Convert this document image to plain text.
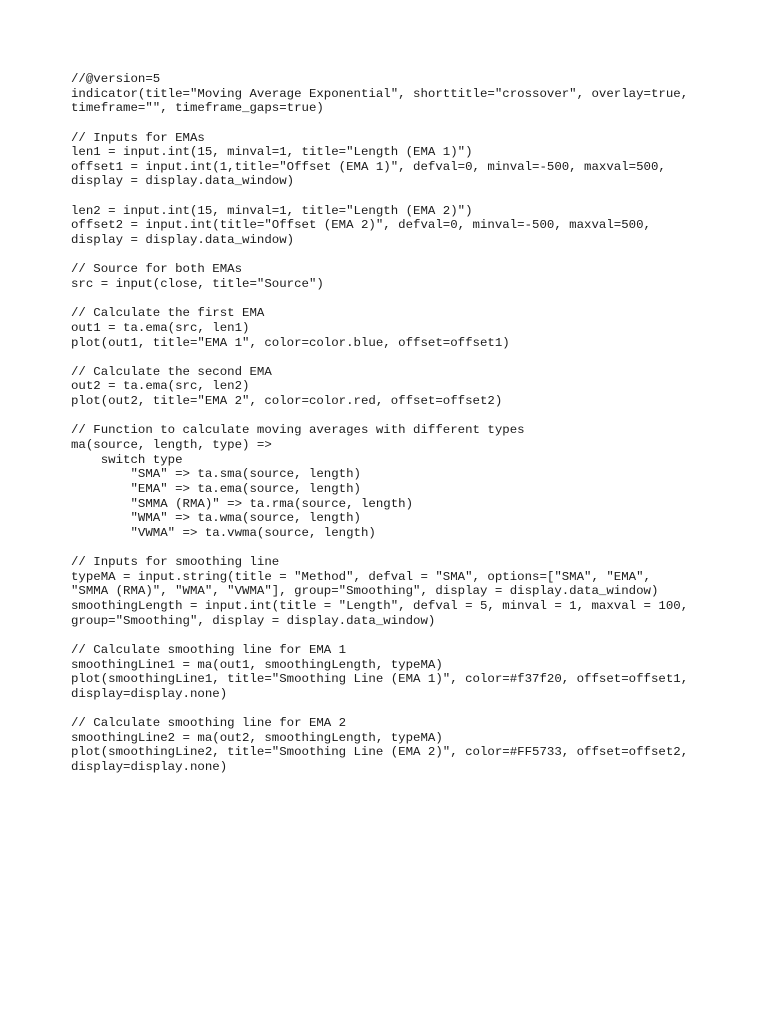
//@version=5
indicator(title="Moving Average Exponential", shorttitle="crossover", overlay=true,
timeframe="", timeframe_gaps=true)
// Inputs for EMAs
len1 = input.int(15, minval=1, title="Length (EMA 1)")
offset1 = input.int(1,title="Offset (EMA 1)", defval=0, minval=-500, maxval=500,
display = display.data_window)
len2 = input.int(15, minval=1, title="Length (EMA 2)")
offset2 = input.int(title="Offset (EMA 2)", defval=0, minval=-500, maxval=500,
display = display.data_window)
// Source for both EMAs
src = input(close, title="Source")
// Calculate the first EMA
out1 = ta.ema(src, len1)
plot(out1, title="EMA 1", color=color.blue, offset=offset1)
// Calculate the second EMA
out2 = ta.ema(src, len2)
plot(out2, title="EMA 2", color=color.red, offset=offset2)
// Function to calculate moving averages with different types
ma(source, length, type) =>
switch type
"SMA" => ta.sma(source, length)
"EMA" => ta.ema(source, length)
"SMMA (RMA)" => ta.rma(source, length)
"WMA" => ta.wma(source, length)
"VWMA" => ta.vwma(source, length)
// Inputs for smoothing line
typeMA = input.string(title = "Method", defval = "SMA", options=["SMA", "EMA",
"SMMA (RMA)", "WMA", "VWMA"], group="Smoothing", display = display.data_window)
smoothingLength = input.int(title = "Length", defval = 5, minval = 1, maxval = 100,
group="Smoothing", display = display.data_window)
// Calculate smoothing line for EMA 1
smoothingLine1 = ma(out1, smoothingLength, typeMA)
plot(smoothingLine1, title="Smoothing Line (EMA 1)", color=#f37f20, offset=offset1,
display=display.none)
// Calculate smoothing line for EMA 2
smoothingLine2 = ma(out2, smoothingLength, typeMA)
plot(smoothingLine2, title="Smoothing Line (EMA 2)", color=#FF5733, offset=offset2,
display=display.none)
